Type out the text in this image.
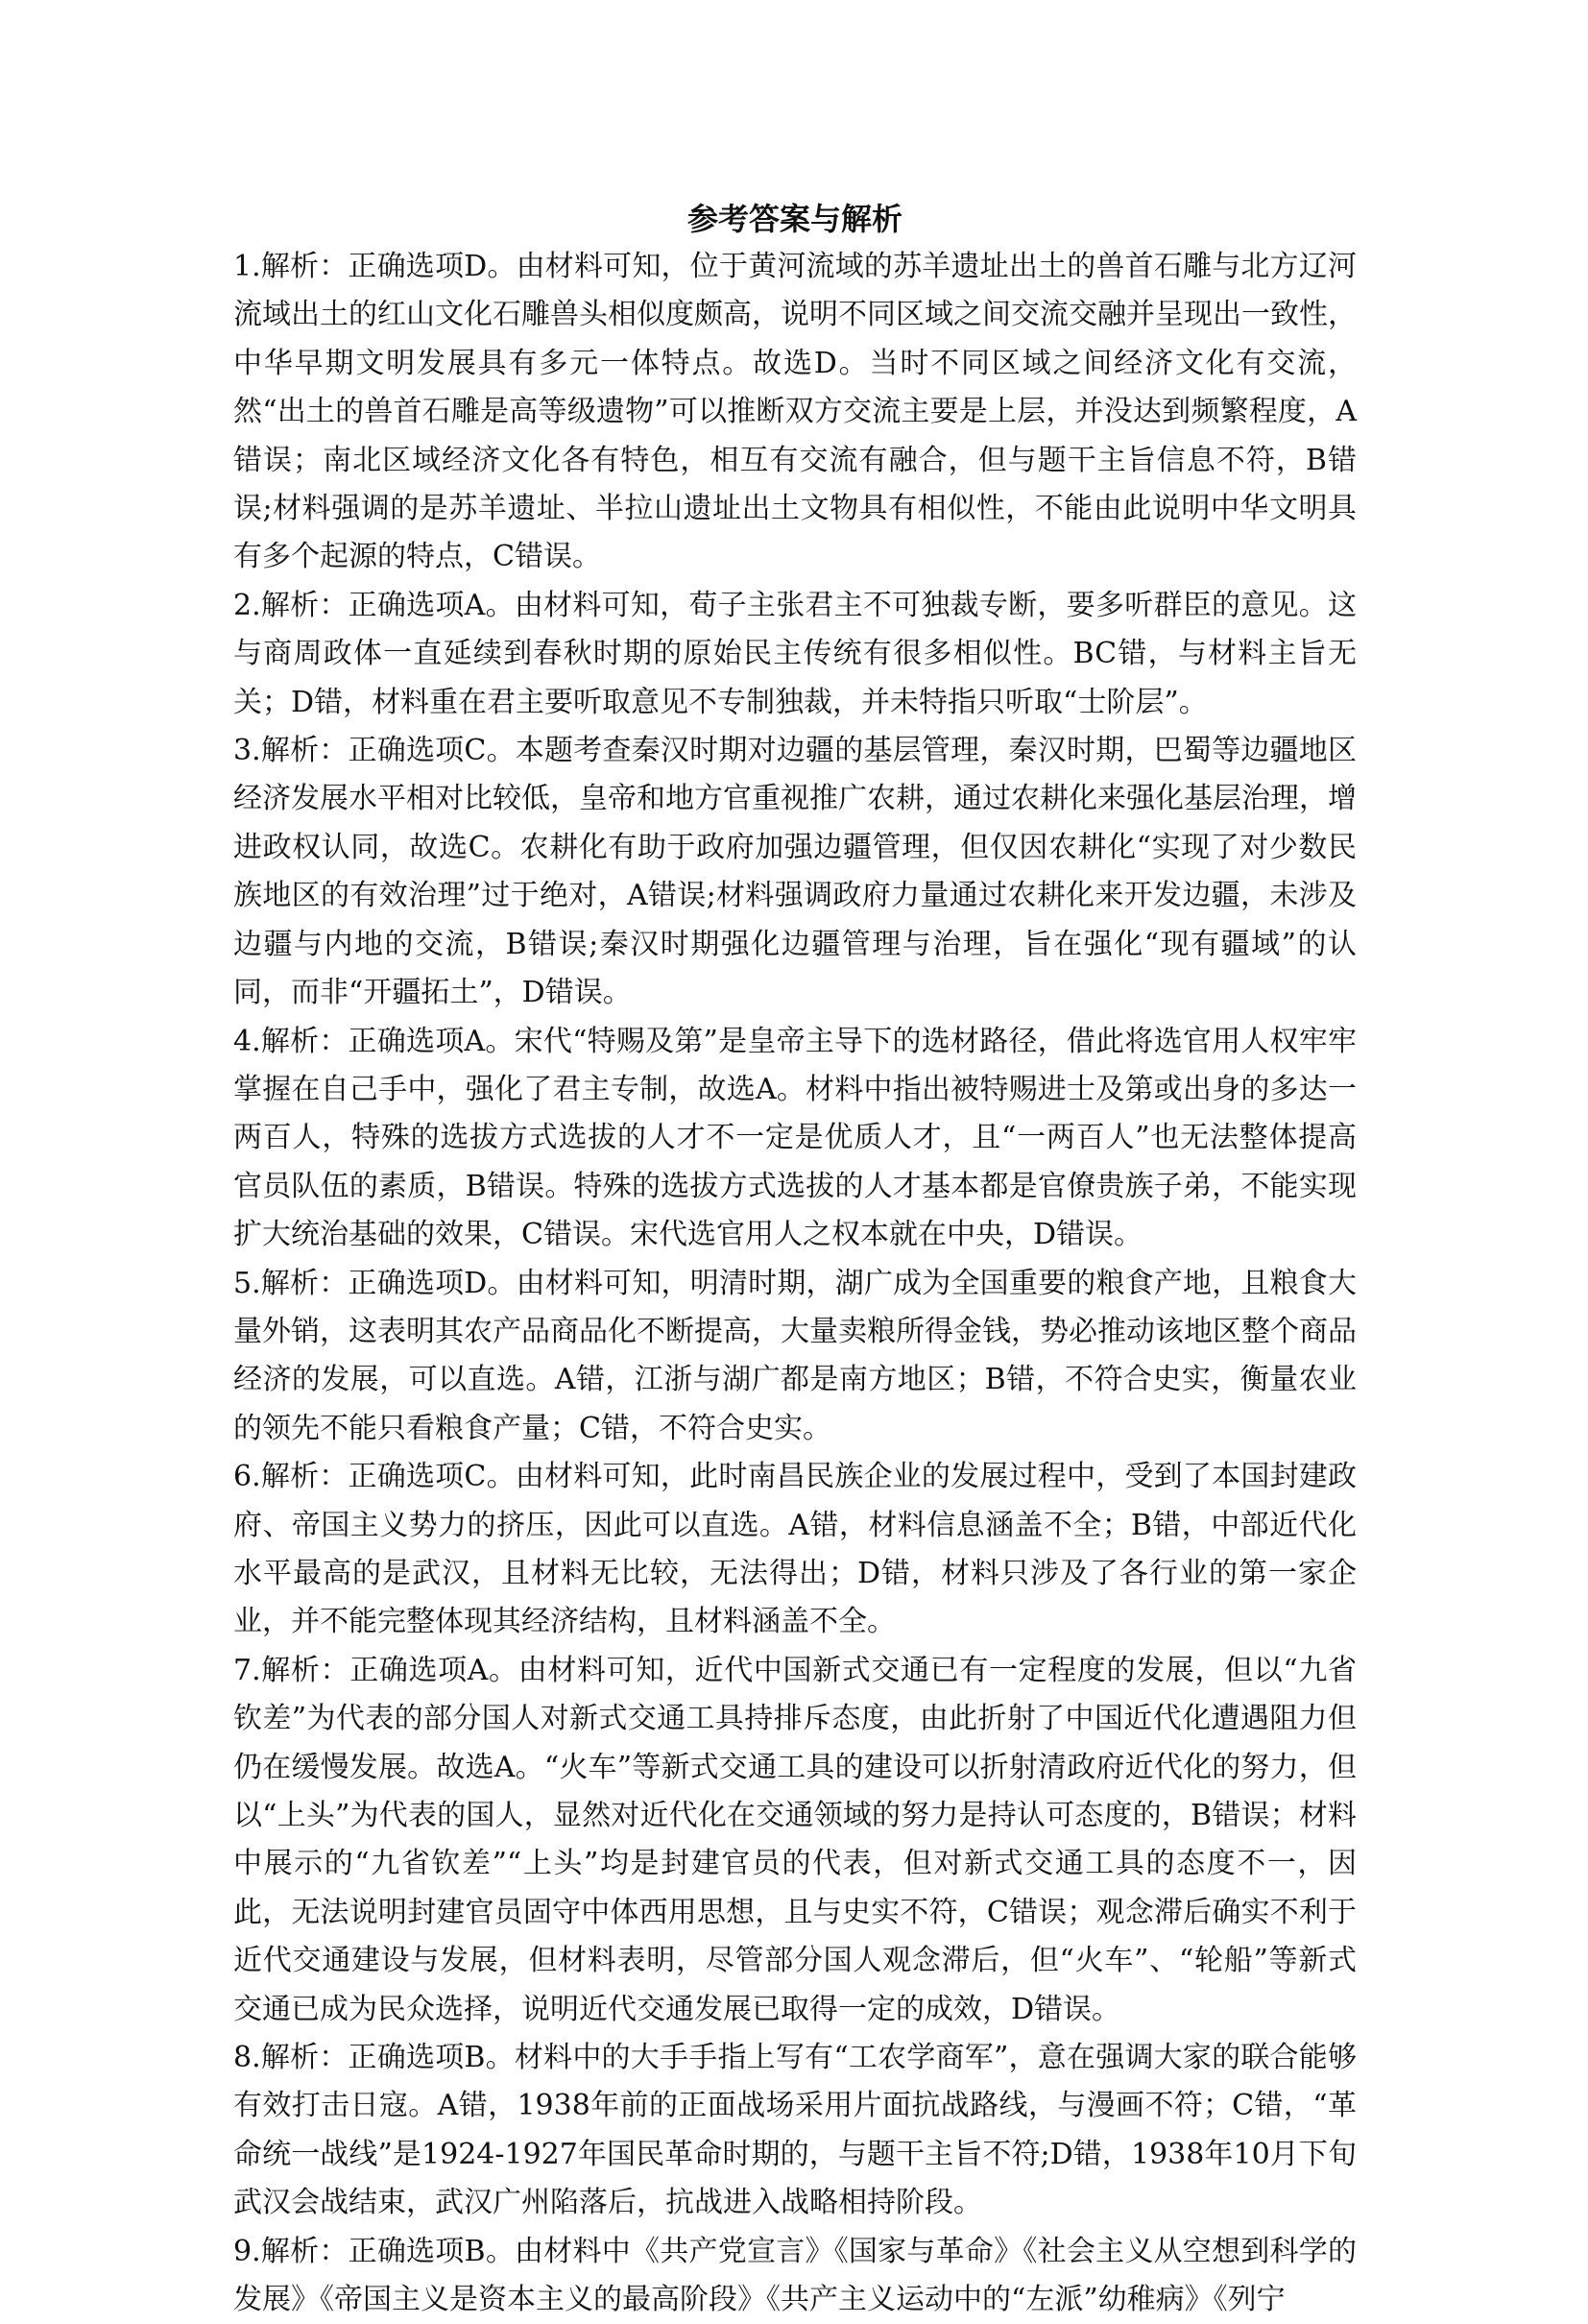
参考答案与解析

1.解析：正确选项D。由材料可知，位于黄河流域的苏羊遗址出土的兽首石雕与北方辽河流域出土的红山文化石雕兽头相似度颇高，说明不同区域之间交流交融并呈现出一致性，中华早期文明发展具有多元一体特点。故选D。当时不同区域之间经济文化有交流，然“出土的兽首石雕是高等级遗物”可以推断双方交流主要是上层，并没达到频繁程度，A错误；南北区域经济文化各有特色，相互有交流有融合，但与题干主旨信息不符，B错误;材料强调的是苏羊遗址、半拉山遗址出土文物具有相似性，不能由此说明中华文明具有多个起源的特点，C错误。

2.解析：正确选项A。由材料可知，荀子主张君主不可独裁专断，要多听群臣的意见。这与商周政体一直延续到春秋时期的原始民主传统有很多相似性。BC错，与材料主旨无关；D错，材料重在君主要听取意见不专制独裁，并未特指只听取“士阶层”。

3.解析：正确选项C。本题考查秦汉时期对边疆的基层管理，秦汉时期，巴蜀等边疆地区经济发展水平相对比较低，皇帝和地方官重视推广农耕，通过农耕化来强化基层治理，增进政权认同，故选C。农耕化有助于政府加强边疆管理，但仅因农耕化“实现了对少数民族地区的有效治理”过于绝对，A错误;材料强调政府力量通过农耕化来开发边疆，未涉及边疆与内地的交流，B错误;秦汉时期强化边疆管理与治理，旨在强化“现有疆域”的认同，而非“开疆拓土”，D错误。

4.解析：正确选项A。宋代“特赐及第”是皇帝主导下的选材路径，借此将选官用人权牢牢掌握在自己手中，强化了君主专制，故选A。材料中指出被特赐进士及第或出身的多达一两百人，特殊的选拔方式选拔的人才不一定是优质人才，且“一两百人”也无法整体提高官员队伍的素质，B错误。特殊的选拔方式选拔的人才基本都是官僚贵族子弟，不能实现扩大统治基础的效果，C错误。宋代选官用人之权本就在中央，D错误。

5.解析：正确选项D。由材料可知，明清时期，湖广成为全国重要的粮食产地，且粮食大量外销，这表明其农产品商品化不断提高，大量卖粮所得金钱，势必推动该地区整个商品经济的发展，可以直选。A错，江浙与湖广都是南方地区；B错，不符合史实，衡量农业的领先不能只看粮食产量；C错，不符合史实。

6.解析：正确选项C。由材料可知，此时南昌民族企业的发展过程中，受到了本国封建政府、帝国主义势力的挤压，因此可以直选。A错，材料信息涵盖不全；B错，中部近代化水平最高的是武汉，且材料无比较，无法得出；D错，材料只涉及了各行业的第一家企业，并不能完整体现其经济结构，且材料涵盖不全。

7.解析：正确选项A。由材料可知，近代中国新式交通已有一定程度的发展，但以“九省钦差”为代表的部分国人对新式交通工具持排斥态度，由此折射了中国近代化遭遇阻力但仍在缓慢发展。故选A。“火车”等新式交通工具的建设可以折射清政府近代化的努力，但以“上头”为代表的国人，显然对近代化在交通领域的努力是持认可态度的，B错误；材料中展示的“九省钦差”“上头”均是封建官员的代表，但对新式交通工具的态度不一，因此，无法说明封建官员固守中体西用思想，且与史实不符，C错误；观念滞后确实不利于近代交通建设与发展，但材料表明，尽管部分国人观念滞后，但“火车”、“轮船”等新式交通已成为民众选择，说明近代交通发展已取得一定的成效，D错误。

8.解析：正确选项B。材料中的大手手指上写有“工农学商军”，意在强调大家的联合能够有效打击日寇。A错，1938年前的正面战场采用片面抗战路线，与漫画不符；C错，“革命统一战线”是1924-1927年国民革命时期的，与题干主旨不符;D错，1938年10月下旬武汉会战结束，武汉广州陷落后，抗战进入战略相持阶段。

9.解析：正确选项B。由材料中《共产党宣言》《国家与革命》《社会主义从空想到科学的发展》《帝国主义是资本主义的最高阶段》《共产主义运动中的“左派”幼稚病》《列宁
